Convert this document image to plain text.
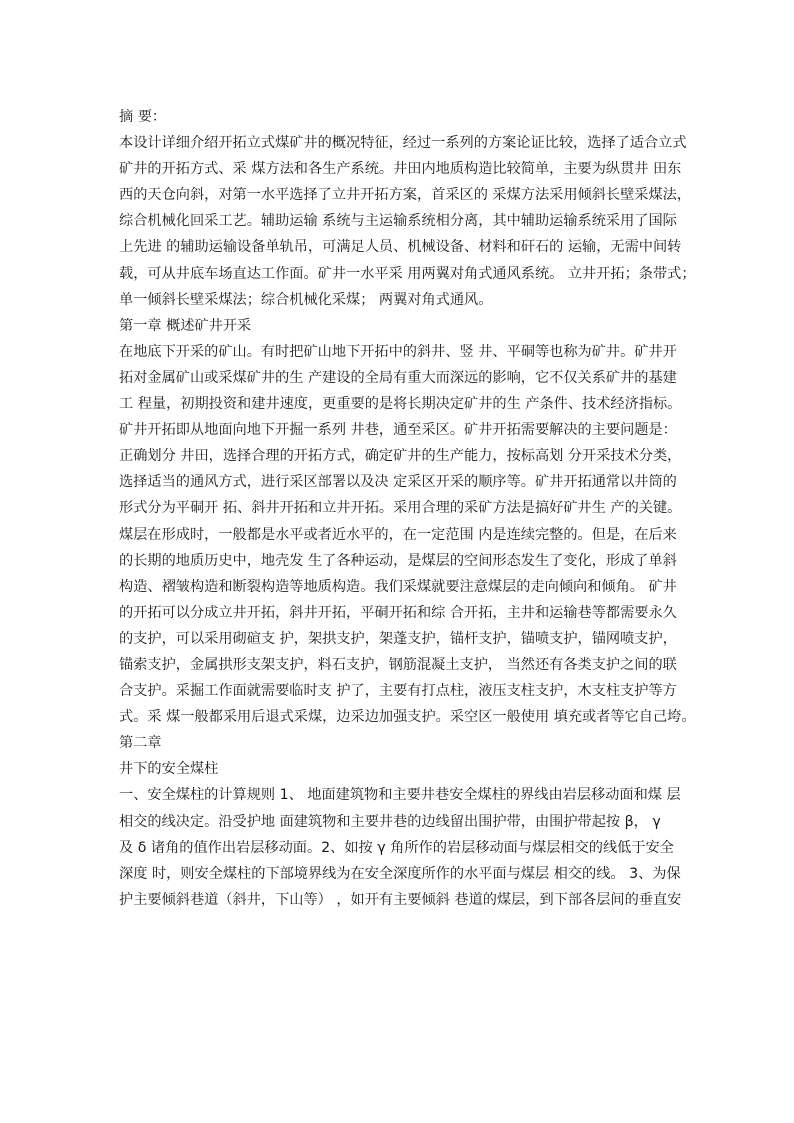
摘 要：
本设计详细介绍开拓立式煤矿井的概况特征，经过一系列的方案论证比较，选择了适合立式
矿井的开拓方式、采 煤方法和各生产系统。井田内地质构造比较简单，主要为纵贯井 田东
西的天仓向斜，对第一水平选择了立井开拓方案，首采区的 采煤方法采用倾斜长壁采煤法，
综合机械化回采工艺。辅助运输 系统与主运输系统相分离，其中辅助运输系统采用了国际
上先进 的辅助运输设备单轨吊，可满足人员、机械设备、材料和矸石的 运输，无需中间转
载，可从井底车场直达工作面。矿井一水平采 用两翼对角式通风系统。 立井开拓；条带式；
单一倾斜长壁采煤法；综合机械化采煤； 两翼对角式通风。
第一章 概述矿井开采
在地底下开采的矿山。有时把矿山地下开拓中的斜井、竖 井、平硐等也称为矿井。矿井开
拓对金属矿山或采煤矿井的生 产建设的全局有重大而深远的影响，它不仅关系矿井的基建
工 程量，初期投资和建井速度，更重要的是将长期决定矿井的生 产条件、技术经济指标。
矿井开拓即从地面向地下开掘一系列 井巷，通至采区。矿井开拓需要解决的主要问题是：
正确划分 井田，选择合理的开拓方式，确定矿井的生产能力，按标高划 分开采技术分类，
选择适当的通风方式，进行采区部署以及决 定采区开采的顺序等。矿井开拓通常以井筒的
形式分为平硐开 拓、斜井开拓和立井开拓。采用合理的采矿方法是搞好矿井生 产的关键。
煤层在形成时，一般都是水平或者近水平的，在一定范围 内是连续完整的。但是，在后来
的长期的地质历史中，地壳发 生了各种运动，是煤层的空间形态发生了变化，形成了单斜
构造、褶皱构造和断裂构造等地质构造。我们采煤就要注意煤层的走向倾向和倾角。 矿井
的开拓可以分成立井开拓，斜井开拓，平硐开拓和综 合开拓，主井和运输巷等都需要永久
的支护，可以采用砌碹支 护，架拱支护，架蓬支护，锚杆支护，锚喷支护，锚网喷支护，
锚索支护，金属拱形支架支护，料石支护，钢筋混凝土支护， 当然还有各类支护之间的联
合支护。采掘工作面就需要临时支 护了，主要有打点柱，液压支柱支护，木支柱支护等方
式。采 煤一般都采用后退式采煤，边采边加强支护。采空区一般使用 填充或者等它自己垮。
第二章
井下的安全煤柱
一、安全煤柱的计算规则 1、 地面建筑物和主要井巷安全煤柱的界线由岩层移动面和煤 层
相交的线决定。沿受护地 面建筑物和主要井巷的边线留出围护带，由围护带起按 β， γ
及 δ 诸角的值作出岩层移动面。2、如按 γ 角所作的岩层移动面与煤层相交的线低于安全
深度 时，则安全煤柱的下部境界线为在安全深度所作的水平面与煤层 相交的线。 3、为保
护主要倾斜巷道（斜井，下山等） ，如开有主要倾斜 巷道的煤层，到下部各层间的垂直安
